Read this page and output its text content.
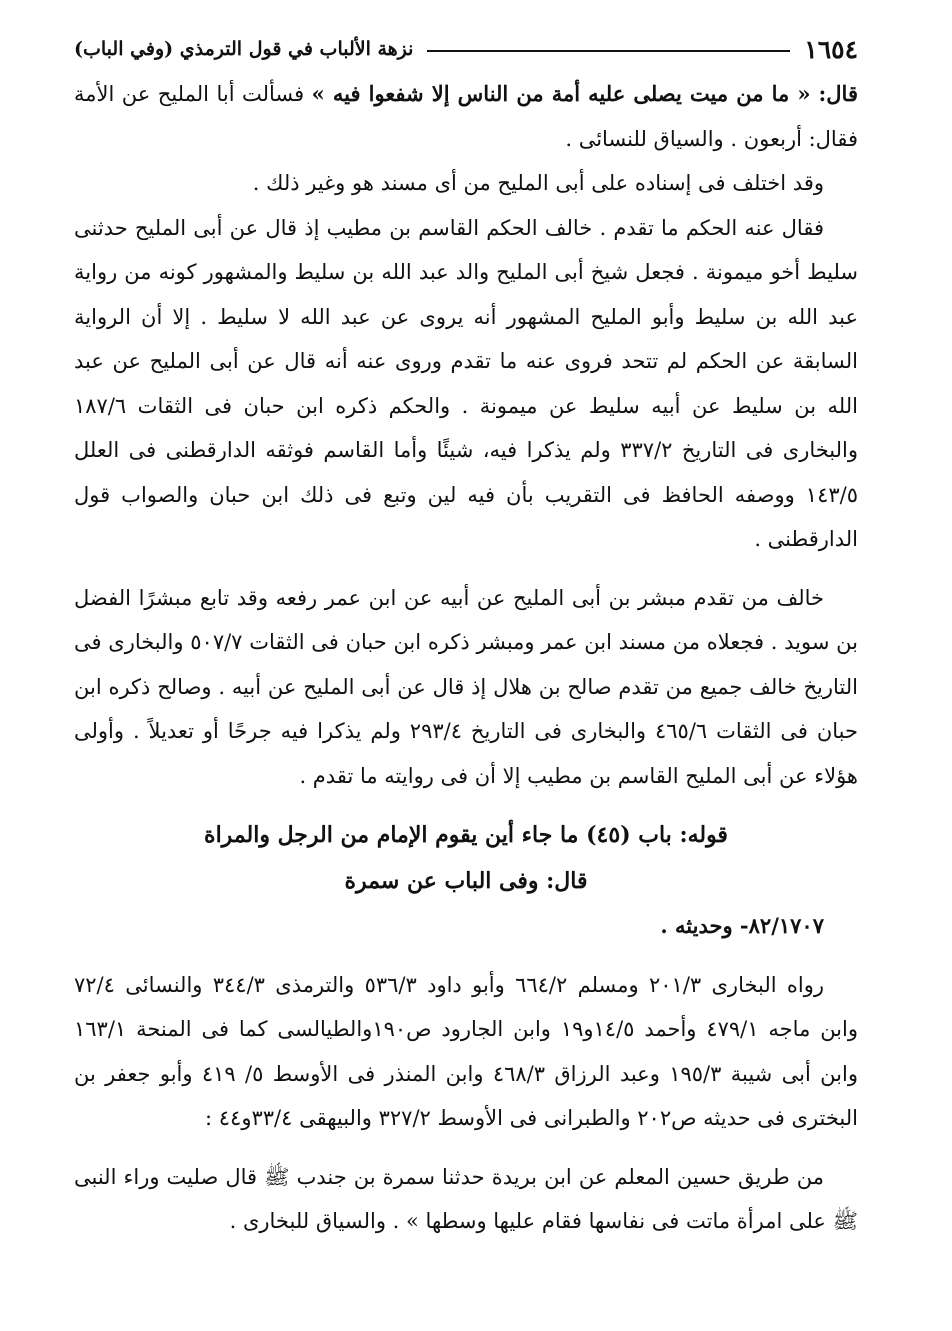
١٦٥٤
نزهة الألباب في قول الترمذي (وفي الباب)

قال: « ما من ميت يصلى عليه أمة من الناس إلا شفعوا فيه » فسألت أبا المليح عن الأمة فقال: أربعون . والسياق للنسائى .

وقد اختلف فى إسناده على أبى المليح من أى مسند هو وغير ذلك .

فقال عنه الحكم ما تقدم . خالف الحكم القاسم بن مطيب إذ قال عن أبى المليح حدثنى سليط أخو ميمونة . فجعل شيخ أبى المليح والد عبد الله بن سليط والمشهور كونه من رواية عبد الله بن سليط وأبو المليح المشهور أنه يروى عن عبد الله لا سليط . إلا أن الرواية السابقة عن الحكم لم تتحد فروى عنه ما تقدم وروى عنه أنه قال عن أبى المليح عن عبد الله بن سليط عن أبيه سليط عن ميمونة . والحكم ذكره ابن حبان فى الثقات ١٨٧/٦ والبخارى فى التاريخ ٣٣٧/٢ ولم يذكرا فيه، شيئًا وأما القاسم فوثقه الدارقطنى فى العلل ١٤٣/٥ ووصفه الحافظ فى التقريب بأن فيه لين وتبع فى ذلك ابن حبان والصواب قول الدارقطنى .

خالف من تقدم مبشر بن أبى المليح عن أبيه عن ابن عمر رفعه وقد تابع مبشرًا الفضل بن سويد . فجعلاه من مسند ابن عمر ومبشر ذكره ابن حبان فى الثقات ٥٠٧/٧ والبخارى فى التاريخ خالف جميع من تقدم صالح بن هلال إذ قال عن أبى المليح عن أبيه . وصالح ذكره ابن حبان فى الثقات ٤٦٥/٦ والبخارى فى التاريخ ٢٩٣/٤ ولم يذكرا فيه جرحًا أو تعديلاً . وأولى هؤلاء عن أبى المليح القاسم بن مطيب إلا أن فى روايته ما تقدم .

قوله: باب (٤٥) ما جاء أين يقوم الإمام من الرجل والمراة

قال: وفى الباب عن سمرة

٨٢/١٧٠٧- وحديثه .

رواه البخارى ٢٠١/٣ ومسلم ٦٦٤/٢ وأبو داود ٥٣٦/٣ والترمذى ٣٤٤/٣ والنسائى ٧٢/٤ وابن ماجه ٤٧٩/١ وأحمد ١٤/٥و١٩ وابن الجارود ص١٩٠والطيالسى كما فى المنحة ١٦٣/١ وابن أبى شيبة ١٩٥/٣ وعبد الرزاق ٤٦٨/٣ وابن المنذر فى الأوسط ٥/ ٤١٩ وأبو جعفر بن البخترى فى حديثه ص٢٠٢ والطبرانى فى الأوسط ٣٢٧/٢ والبيهقى ٣٣/٤و٤٤ :

من طريق حسين المعلم عن ابن بريدة حدثنا سمرة بن جندب ﷺ قال صليت وراء النبى ﷺ على امرأة ماتت فى نفاسها فقام عليها وسطها » . والسياق للبخارى .
